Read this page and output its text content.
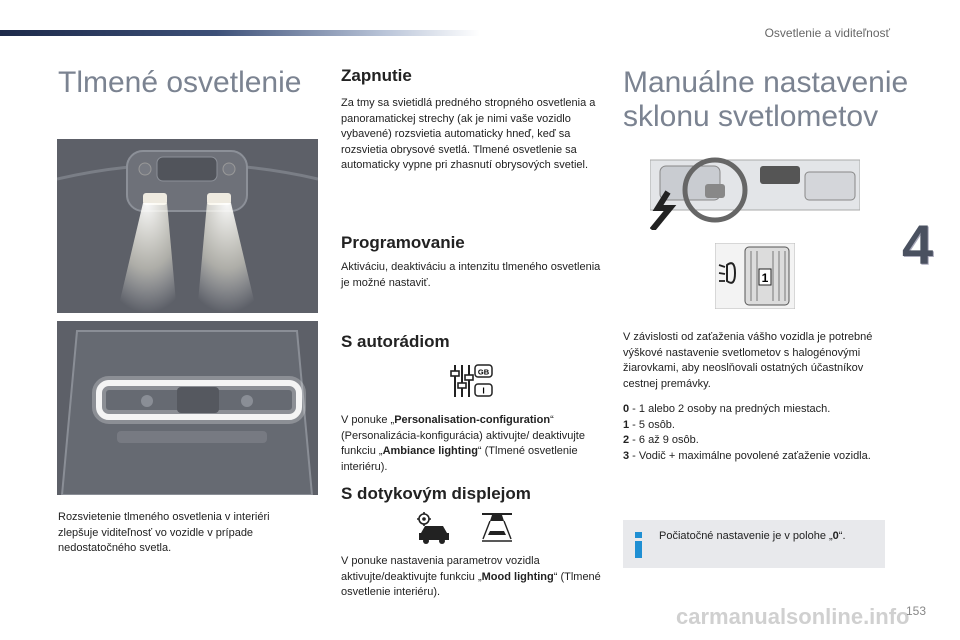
Osvetlenie a viditeľnosť
4
Tlmené osvetlenie

Rozsvietenie tlmeného osvetlenia v interiéri zlepšuje viditeľnosť vo vozidle v prípade nedostatočného svetla.

Zapnutie

Za tmy sa svietidlá predného stropného osvetlenia a panoramatickej strechy (ak je nimi vaše vozidlo vybavené) rozsvietia automaticky hneď, keď sa rozsvietia obrysové svetlá. Tlmené osvetlenie sa automaticky vypne pri zhasnutí obrysových svetiel.

Programovanie

Aktiváciu, deaktiváciu a intenzitu tlmeného osvetlenia je možné nastaviť.

S autorádiom
GB
I

V ponuke „Personalisation-configuration“ (Personalizácia-konfigurácia) aktivujte/ deaktivujte funkciu „Ambiance lighting“ (Tlmené osvetlenie interiéru).

S dotykovým displejom

V ponuke nastavenia parametrov vozidla aktivujte/deaktivujte funkciu „Mood lighting“ (Tlmené osvetlenie interiéru).

Manuálne nastavenie
sklonu svetlometov
1

V závislosti od zaťaženia vášho vozidla je potrebné výškové nastavenie svetlometov s halogénovými žiarovkami, aby neoslňovali ostatných účastníkov cestnej premávky.

0 - 1 alebo 2 osoby na predných miestach.

1 - 5 osôb.

2 - 6 až 9 osôb.

3 - Vodič + maximálne povolené zaťaženie vozidla.

Počiatočné nastavenie je v polohe „0“.
carmanualsonline.info
153
